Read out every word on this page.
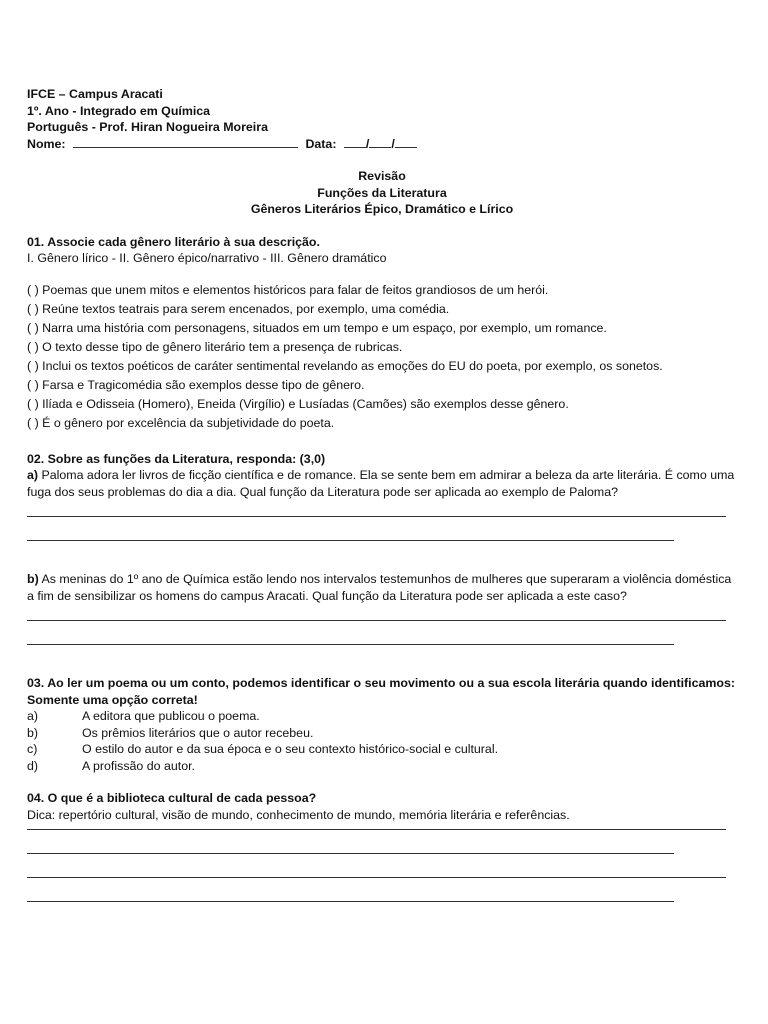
IFCE – Campus Aracati
1º. Ano - Integrado em Química
Português - Prof. Hiran Nogueira Moreira
Nome:	Data: / /
Revisão
Funções da Literatura
Gêneros Literários Épico, Dramático e Lírico
01. Associe cada gênero literário à sua descrição.
I. Gênero lírico - II. Gênero épico/narrativo - III. Gênero dramático
( ) Poemas que unem mitos e elementos históricos para falar de feitos grandiosos de um herói.
( ) Reúne textos teatrais para serem encenados, por exemplo, uma comédia.
( ) Narra uma história com personagens, situados em um tempo e um espaço, por exemplo, um romance.
( ) O texto desse tipo de gênero literário tem a presença de rubricas.
( ) Inclui os textos poéticos de caráter sentimental revelando as emoções do EU do poeta, por exemplo, os sonetos.
( ) Farsa e Tragicomédia são exemplos desse tipo de gênero.
( ) Ilíada e Odisseia (Homero), Eneida (Virgílio) e Lusíadas (Camões) são exemplos desse gênero.
( ) É o gênero por excelência da subjetividade do poeta.
02. Sobre as funções da Literatura, responda: (3,0)

a) Paloma adora ler livros de ficção científica e de romance. Ela se sente bem em admirar a beleza da arte literária. É como uma fuga dos seus problemas do dia a dia. Qual função da Literatura pode ser aplicada ao exemplo de Paloma?

b) As meninas do 1º ano de Química estão lendo nos intervalos testemunhos de mulheres que superaram a violência doméstica a fim de sensibilizar os homens do campus Aracati. Qual função da Literatura pode ser aplicada a este caso?

03. Ao ler um poema ou um conto, podemos identificar o seu movimento ou a sua escola literária quando identificamos: Somente uma opção correta!
a)	A editora que publicou o poema.
b)	Os prêmios literários que o autor recebeu.
c)	O estilo do autor e da sua época e o seu contexto histórico-social e cultural.
d)	A profissão do autor.
04. O que é a biblioteca cultural de cada pessoa?
Dica: repertório cultural, visão de mundo, conhecimento de mundo, memória literária e referências.
